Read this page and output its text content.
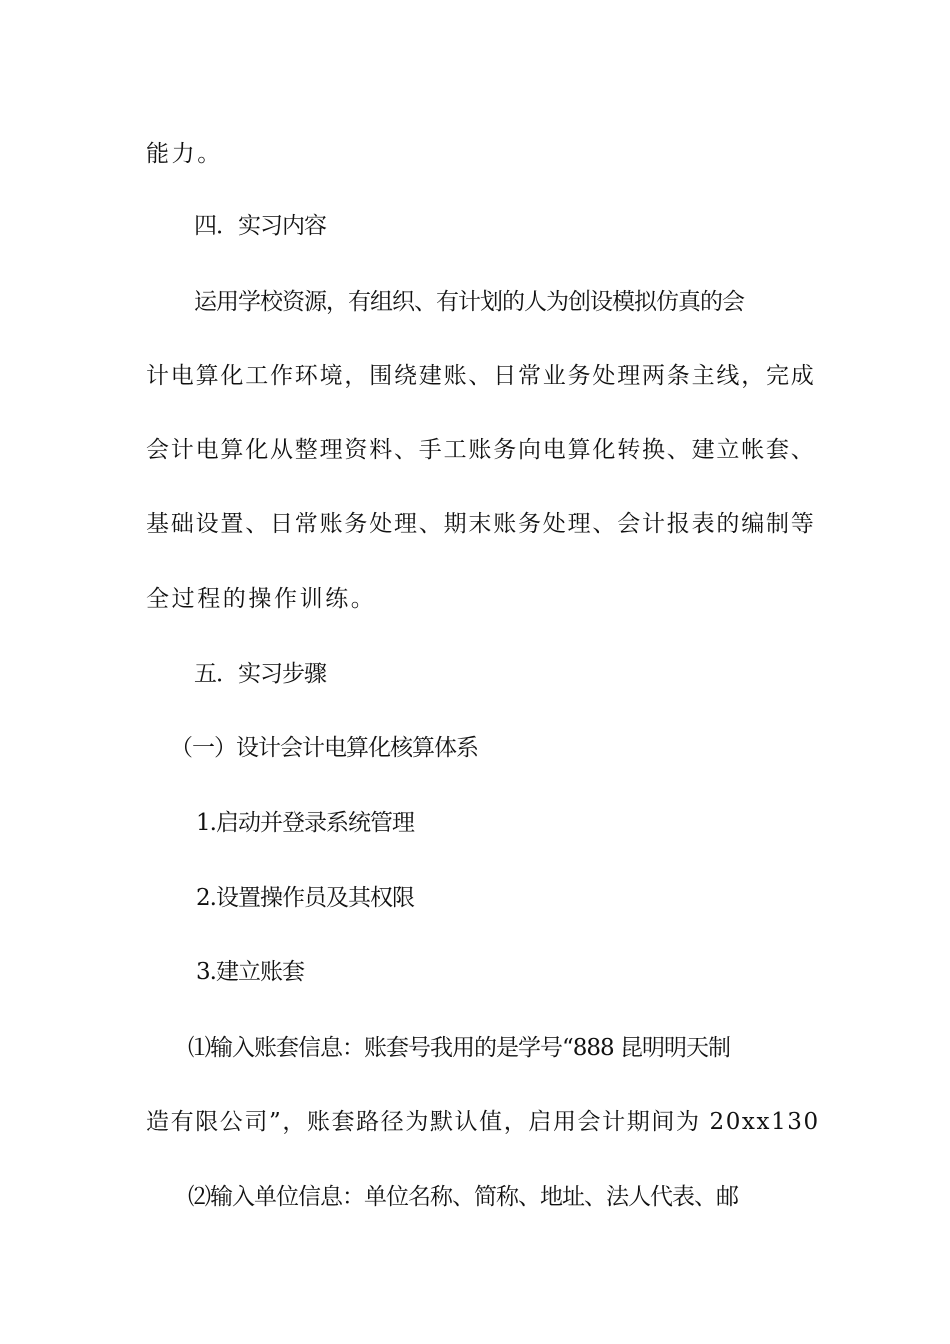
能力。
四．实习内容
运用学校资源，有组织、有计划的人为创设模拟仿真的会
计电算化工作环境，围绕建账、日常业务处理两条主线，完成
会计电算化从整理资料、手工账务向电算化转换、建立帐套、
基础设置、日常账务处理、期末账务处理、会计报表的编制等
全过程的操作训练。
五．实习步骤
（一）设计会计电算化核算体系
1.启动并登录系统管理
2.设置操作员及其权限
3.建立账套
⑴输入账套信息：账套号我用的是学号“888 昆明明天制
造有限公司”，账套路径为默认值，启用会计期间为 20xx130
⑵输入单位信息：单位名称、简称、地址、法人代表、邮
